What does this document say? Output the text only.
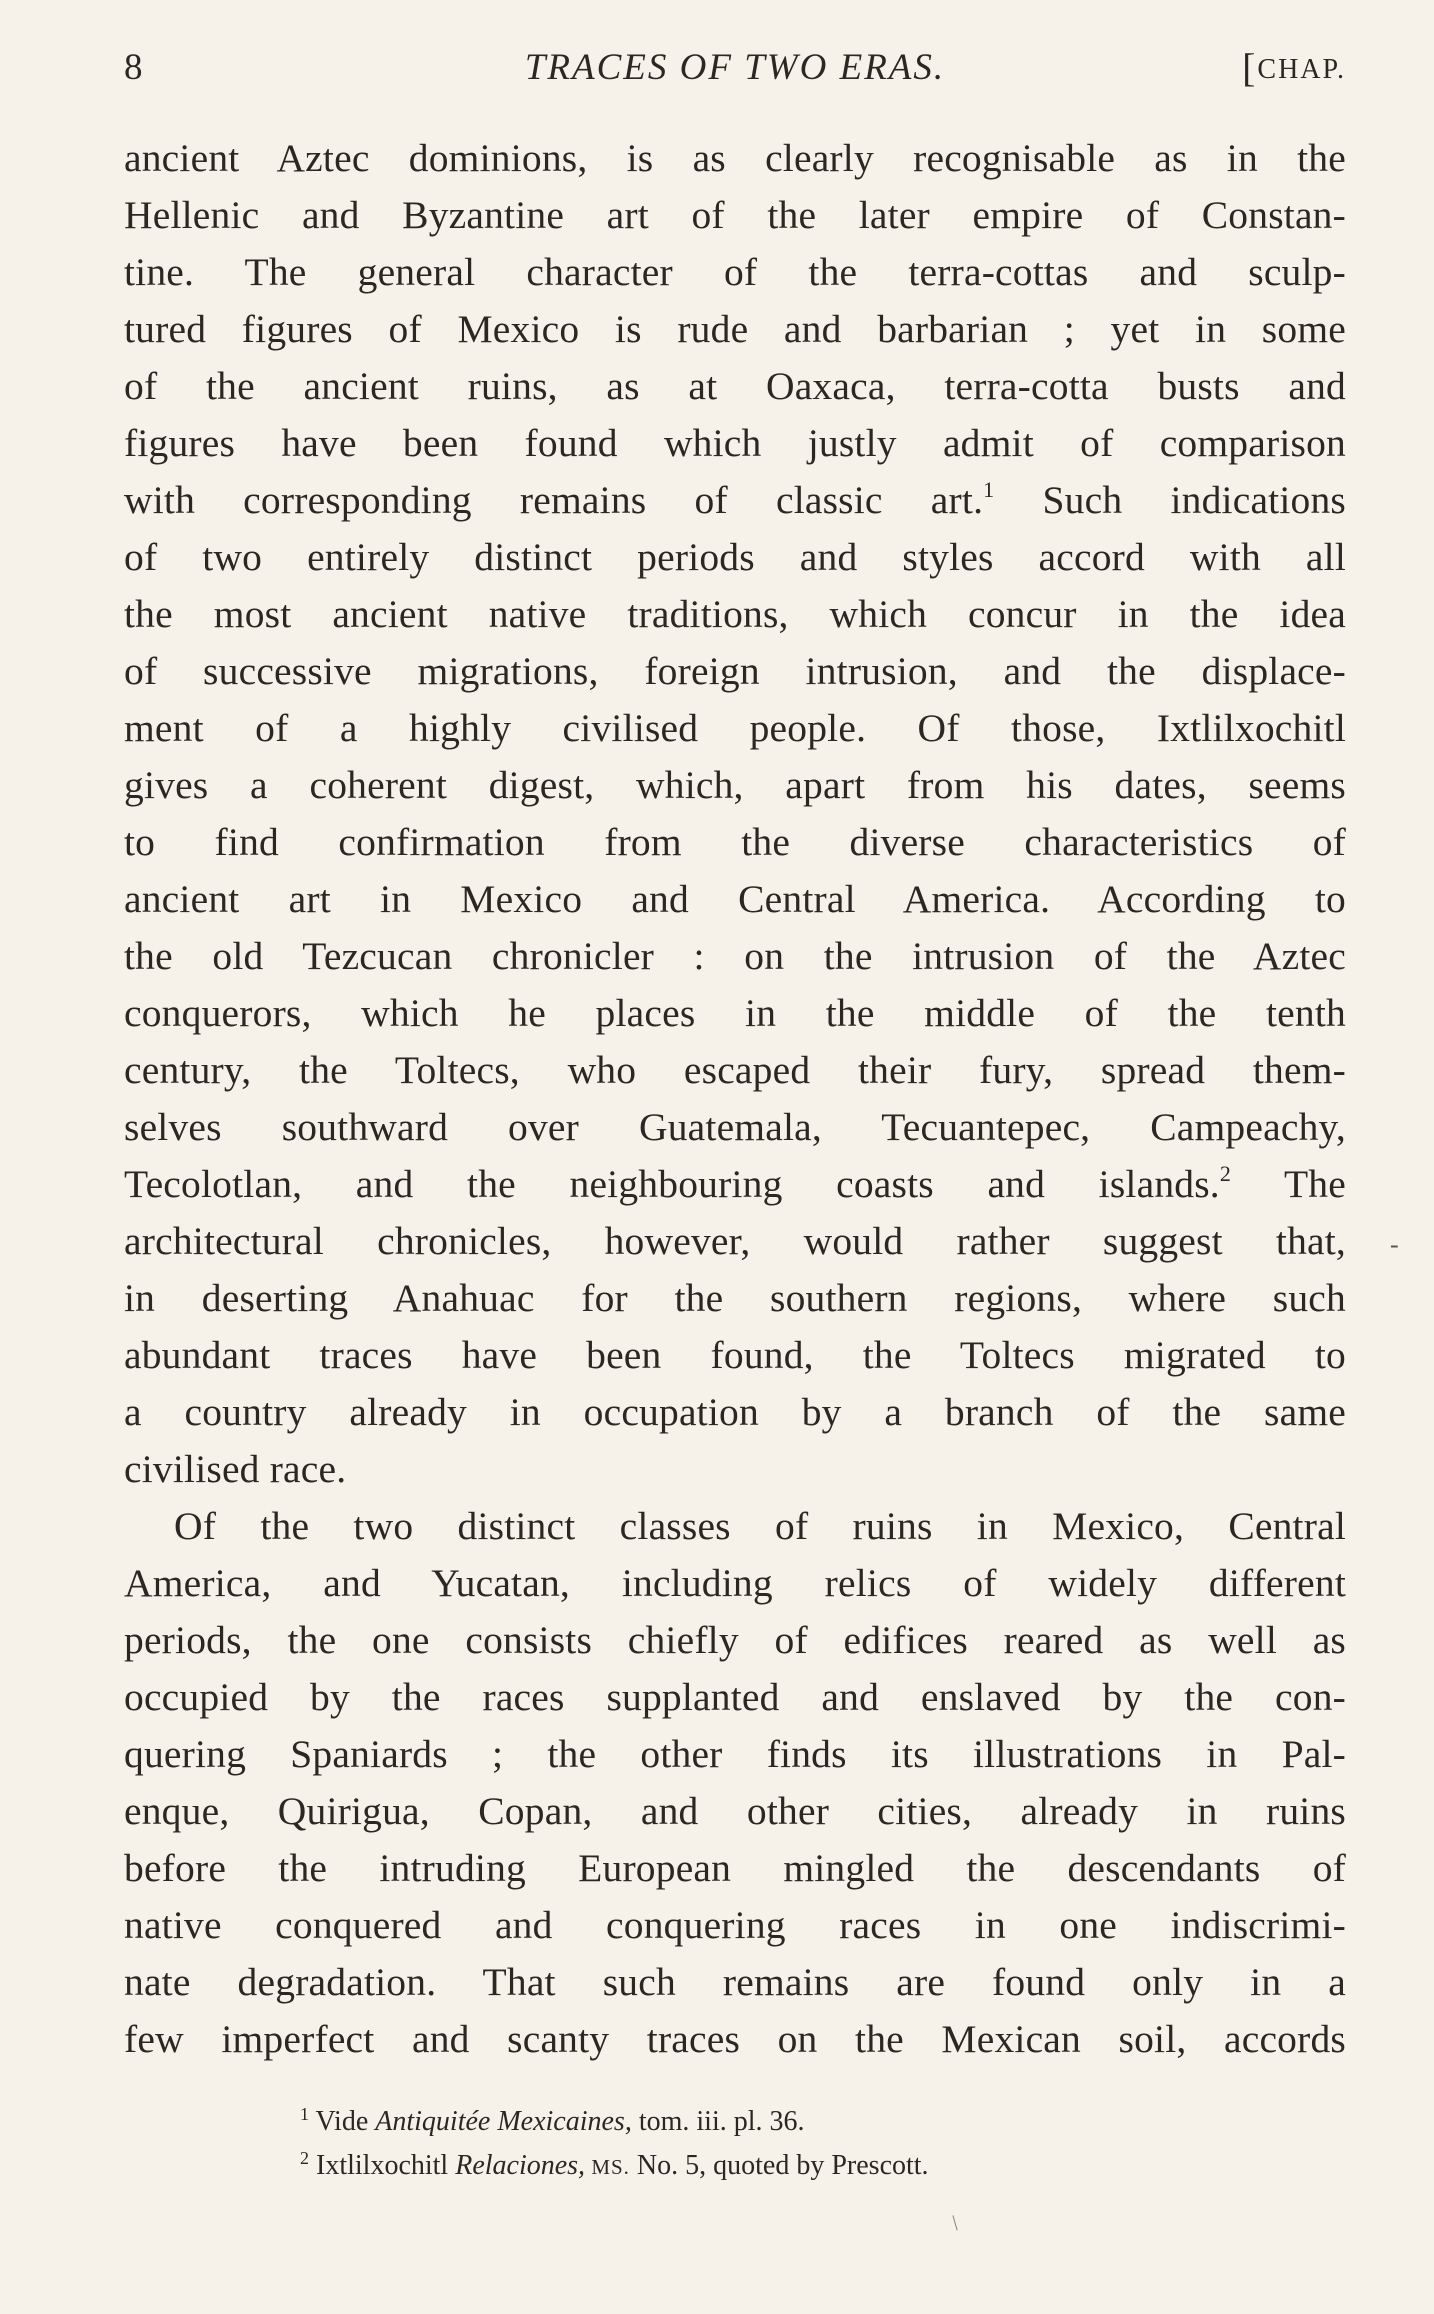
8	TRACES OF TWO ERAS.	[CHAP.
ancient Aztec dominions, is as clearly recognisable as in the
Hellenic and Byzantine art of the later empire of Constan-
tine. The general character of the terra-cottas and sculp-
tured figures of Mexico is rude and barbarian ; yet in some
of the ancient ruins, as at Oaxaca, terra-cotta busts and
figures have been found which justly admit of comparison
with corresponding remains of classic art.$^1$ Such indications
of two entirely distinct periods and styles accord with all
the most ancient native traditions, which concur in the idea
of successive migrations, foreign intrusion, and the displace-
ment of a highly civilised people. Of those, Ixtlilxochitl
gives a coherent digest, which, apart from his dates, seems
to find confirmation from the diverse characteristics of
ancient art in Mexico and Central America. According to
the old Tezcucan chronicler : on the intrusion of the Aztec
conquerors, which he places in the middle of the tenth
century, the Toltecs, who escaped their fury, spread them-
selves southward over Guatemala, Tecuantepec, Campeachy,
Tecolotlan, and the neighbouring coasts and islands.$^2$ The
architectural chronicles, however, would rather suggest that,
in deserting Anahuac for the southern regions, where such
abundant traces have been found, the Toltecs migrated to
a country already in occupation by a branch of the same
civilised race.
Of the two distinct classes of ruins in Mexico, Central
America, and Yucatan, including relics of widely different
periods, the one consists chiefly of edifices reared as well as
occupied by the races supplanted and enslaved by the con-
quering Spaniards ; the other finds its illustrations in Pal-
enque, Quirigua, Copan, and other cities, already in ruins
before the intruding European mingled the descendants of
native conquered and conquering races in one indiscrimi-
nate degradation. That such remains are found only in a
few imperfect and scanty traces on the Mexican soil, accords
$^1$ Vide Antiquitée Mexicaines, tom. iii. pl. 36.
$^2$ Ixtlilxochitl Relaciones, MS. No. 5, quoted by Prescott.
-
/
